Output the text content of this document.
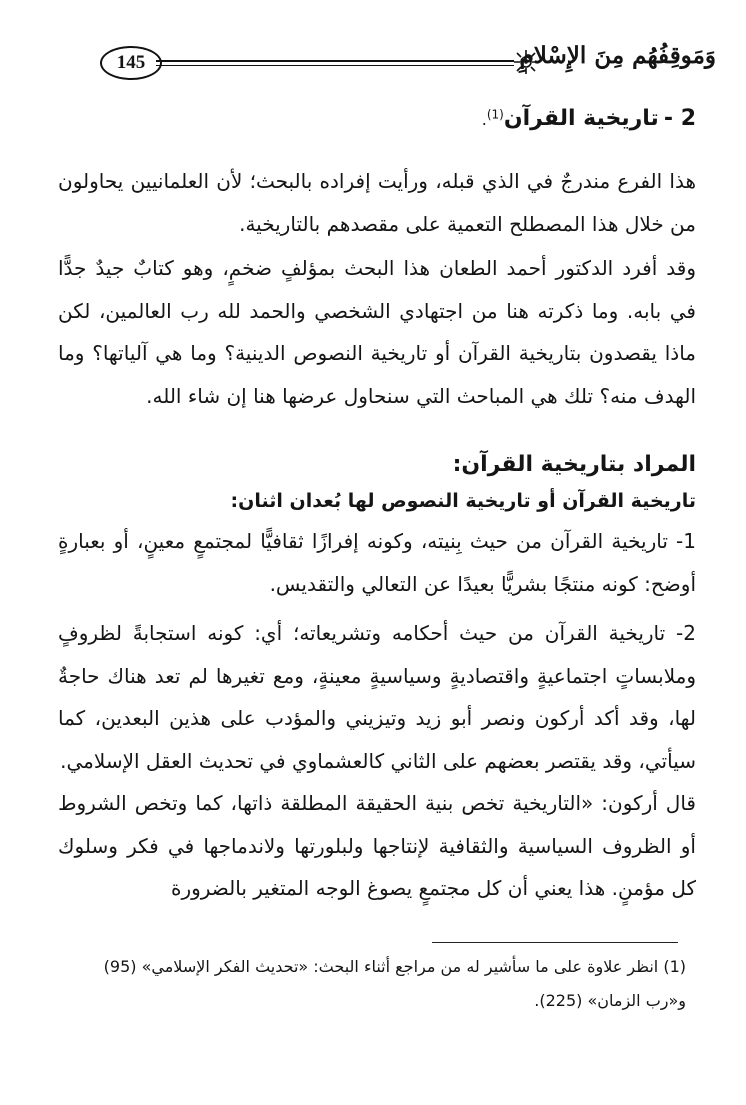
145	وَمَوقِفُهُم مِنَ الإِسْلامِ
2 - تاريخية القرآن$^{(1)}$.

هذا الفرع مندرجٌ في الذي قبله، ورأيت إفراده بالبحث؛ لأن العلمانيين يحاولون من خلال هذا المصطلح التعمية على مقصدهم بالتاريخية.

وقد أفرد الدكتور أحمد الطعان هذا البحث بمؤلفٍ ضخمٍ، وهو كتابٌ جيدٌ جدًّا في بابه. وما ذكرته هنا من اجتهادي الشخصي والحمد لله رب العالمين، لكن ماذا يقصدون بتاريخية القرآن أو تاريخية النصوص الدينية؟ وما هي آلياتها؟ وما الهدف منه؟ تلك هي المباحث التي سنحاول عرضها هنا إن شاء الله.

المراد بتاريخية القرآن:

تاريخية القرآن أو تاريخية النصوص لها بُعدان اثنان:

1- تاريخية القرآن من حيث بِنيته، وكونه إفرازًا ثقافيًّا لمجتمعٍ معينٍ، أو بعبارةٍ أوضح: كونه منتجًا بشريًّا بعيدًا عن التعالي والتقديس.

2- تاريخية القرآن من حيث أحكامه وتشريعاته؛ أي: كونه استجابةً لظروفٍ وملابساتٍ اجتماعيةٍ واقتصاديةٍ وسياسيةٍ معينةٍ، ومع تغيرها لم تعد هناك حاجةٌ لها، وقد أكد أركون ونصر أبو زيد وتيزيني والمؤدب على هذين البعدين، كما سيأتي، وقد يقتصر بعضهم على الثاني كالعشماوي في تحديث العقل الإسلامي.

قال أركون: «التاريخية تخص بنية الحقيقة المطلقة ذاتها، كما وتخص الشروط أو الظروف السياسية والثقافية لإنتاجها ولبلورتها ولاندماجها في فكر وسلوك كل مؤمنٍ. هذا يعني أن كل مجتمعٍ يصوغ الوجه المتغير بالضرورة

(1) انظر علاوة على ما سأشير له من مراجع أثناء البحث: «تحديث الفكر الإسلامي» (95)

و«رب الزمان» (225).
